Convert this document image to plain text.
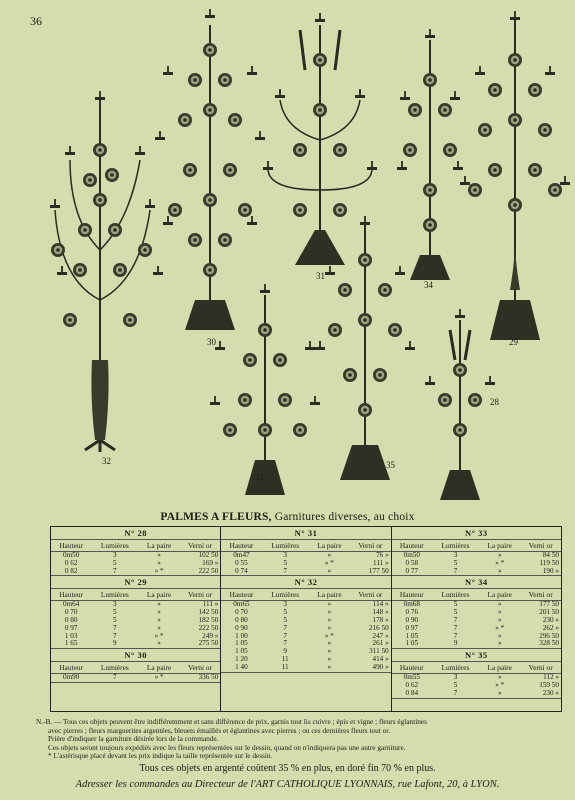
36
32
30
31
34
29
33
35
28
PALMES A FLEURS, Garnitures diverses, au choix
N° 28
Hauteur	Lumières	La paire	Verni or
0m50	3	»	102 50
0 62	5	»	169 »
0 82	7	» *	222 50
N° 29
Hauteur	Lumières	La paire	Verni or
0m64	3	»	111 »
0 70	5	»	142 50
0 80	5	»	182 50
0 97	7	»	222 50
1 03	7	» *	249 »
1 65	9	»	275 50
N° 30
Hauteur	Lumières	La paire	Verni or
0m90	7	» *	336 50
N° 31
Hauteur	Lumières	La paire	Verni or
0m47	3	»	76 »
0 55	5	» *	111 »
0 74	7	»	177 50
N° 32
Hauteur	Lumières	La paire	Verni or
0m65	3	»	114 »
0 70	5	»	148 »
0 80	5	»	178 »
0 90	7	»	216 50
1 00	7	» *	247 »
1 05	7	»	261 »
1 05	9	»	311 50
1 20	11	»	414 »
1 40	11	»	490 »
N° 33
Hauteur	Lumières	La paire	Verni or
0m50	3	»	84 50
0 58	5	» *	119 50
0 77	7	»	190 »
N° 34
Hauteur	Lumières	La paire	Verni or
0m68	5	»	177 50
0 76	5	»	201 50
0 90	7	»	230 »
0 97	7	» *	262 »
1 05	7	»	296 50
1 05	9	»	328 50
N° 35
Hauteur	Lumières	La paire	Verni or
0m55	3	»	112 »
0 62	5	» *	159 50
0 84	7	»	230 »

N.-B. — Tous ces objets peuvent être indifféremment et sans différence de prix, garnis tout lis cuivre ; épis et vigne ; fleurs églantines

avec pierres ; fleurs marguerites argentées, bleuets émaillés et églantines avec pierres ; ou ces dernières fleurs tout or.

Prière d'indiquer la garniture désirée lors de la commande.

Ces objets seront toujours expédiés avec les fleurs représentées sur le dessin, quand on n'indiquera pas une autre garniture.

* L'astérisque placé devant les prix indique la taille représentée sur le dessin.

Tous ces objets en argenté coûtent 35 % en plus, en doré fin 70 % en plus.
Adresser les commandes au Directeur de l'ART CATHOLIQUE LYONNAIS, rue Lafont, 20, à LYON.
